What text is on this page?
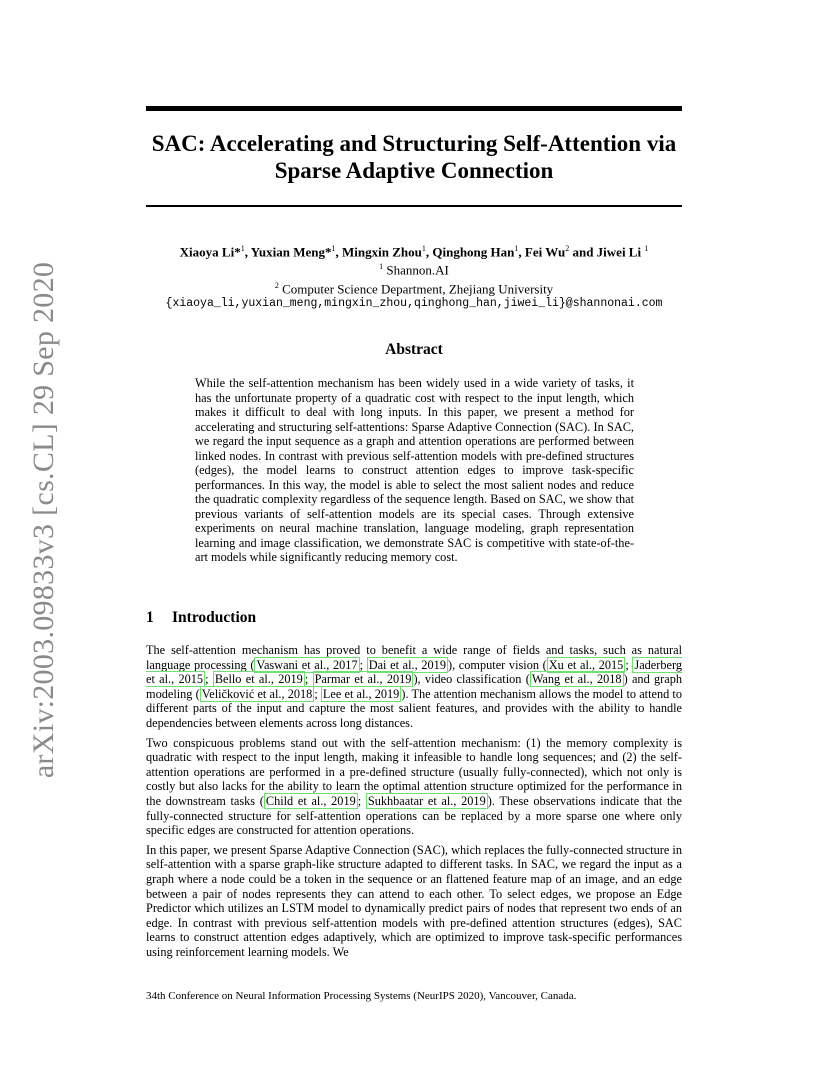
arXiv:2003.09833v3 [cs.CL] 29 Sep 2020
SAC: Accelerating and Structuring Self-Attention via
Sparse Adaptive Connection
Xiaoya Li*$^1$, Yuxian Meng*$^1$, Mingxin Zhou$^1$, Qinghong Han$^1$, Fei Wu$^2$ and Jiwei Li $^1$
$^1$ Shannon.AI
$^2$ Computer Science Department, Zhejiang University
{xiaoya_li,yuxian_meng,mingxin_zhou,qinghong_han,jiwei_li}@shannonai.com
Abstract

While the self-attention mechanism has been widely used in a wide variety of tasks, it has the unfortunate property of a quadratic cost with respect to the input length, which makes it difficult to deal with long inputs. In this paper, we present a method for accelerating and structuring self-attentions: Sparse Adaptive Connection (SAC). In SAC, we regard the input sequence as a graph and attention operations are performed between linked nodes. In contrast with previous self-attention models with pre-defined structures (edges), the model learns to construct attention edges to improve task-specific performances. In this way, the model is able to select the most salient nodes and reduce the quadratic complexity regardless of the sequence length. Based on SAC, we show that previous variants of self-attention models are its special cases. Through extensive experiments on neural machine translation, language modeling, graph representation learning and image classification, we demonstrate SAC is competitive with state-of-the-art models while significantly reducing memory cost.

1 Introduction

The self-attention mechanism has proved to benefit a wide range of fields and tasks, such as natural language processing ( Vaswani et al., 2017 ; Dai et al., 2019 ), computer vision ( Xu et al., 2015 ; Jaderberg et al., 2015 ; Bello et al., 2019 ; Parmar et al., 2019 ), video classification ( Wang et al., 2018 ) and graph modeling ( Veličković et al., 2018 ; Lee et al., 2019 ). The attention mechanism allows the model to attend to different parts of the input and capture the most salient features, and provides with the ability to handle dependencies between elements across long distances.

Two conspicuous problems stand out with the self-attention mechanism: (1) the memory complexity is quadratic with respect to the input length, making it infeasible to handle long sequences; and (2) the self-attention operations are performed in a pre-defined structure (usually fully-connected), which not only is costly but also lacks for the ability to learn the optimal attention structure optimized for the performance in the downstream tasks ( Child et al., 2019 ; Sukhbaatar et al., 2019 ). These observations indicate that the fully-connected structure for self-attention operations can be replaced by a more sparse one where only specific edges are constructed for attention operations.

In this paper, we present Sparse Adaptive Connection (SAC), which replaces the fully-connected structure in self-attention with a sparse graph-like structure adapted to different tasks. In SAC, we regard the input as a graph where a node could be a token in the sequence or an flattened feature map of an image, and an edge between a pair of nodes represents they can attend to each other. To select edges, we propose an Edge Predictor which utilizes an LSTM model to dynamically predict pairs of nodes that represent two ends of an edge. In contrast with previous self-attention models with pre-defined attention structures (edges), SAC learns to construct attention edges adaptively, which are optimized to improve task-specific performances using reinforcement learning models. We

34th Conference on Neural Information Processing Systems (NeurIPS 2020), Vancouver, Canada.
